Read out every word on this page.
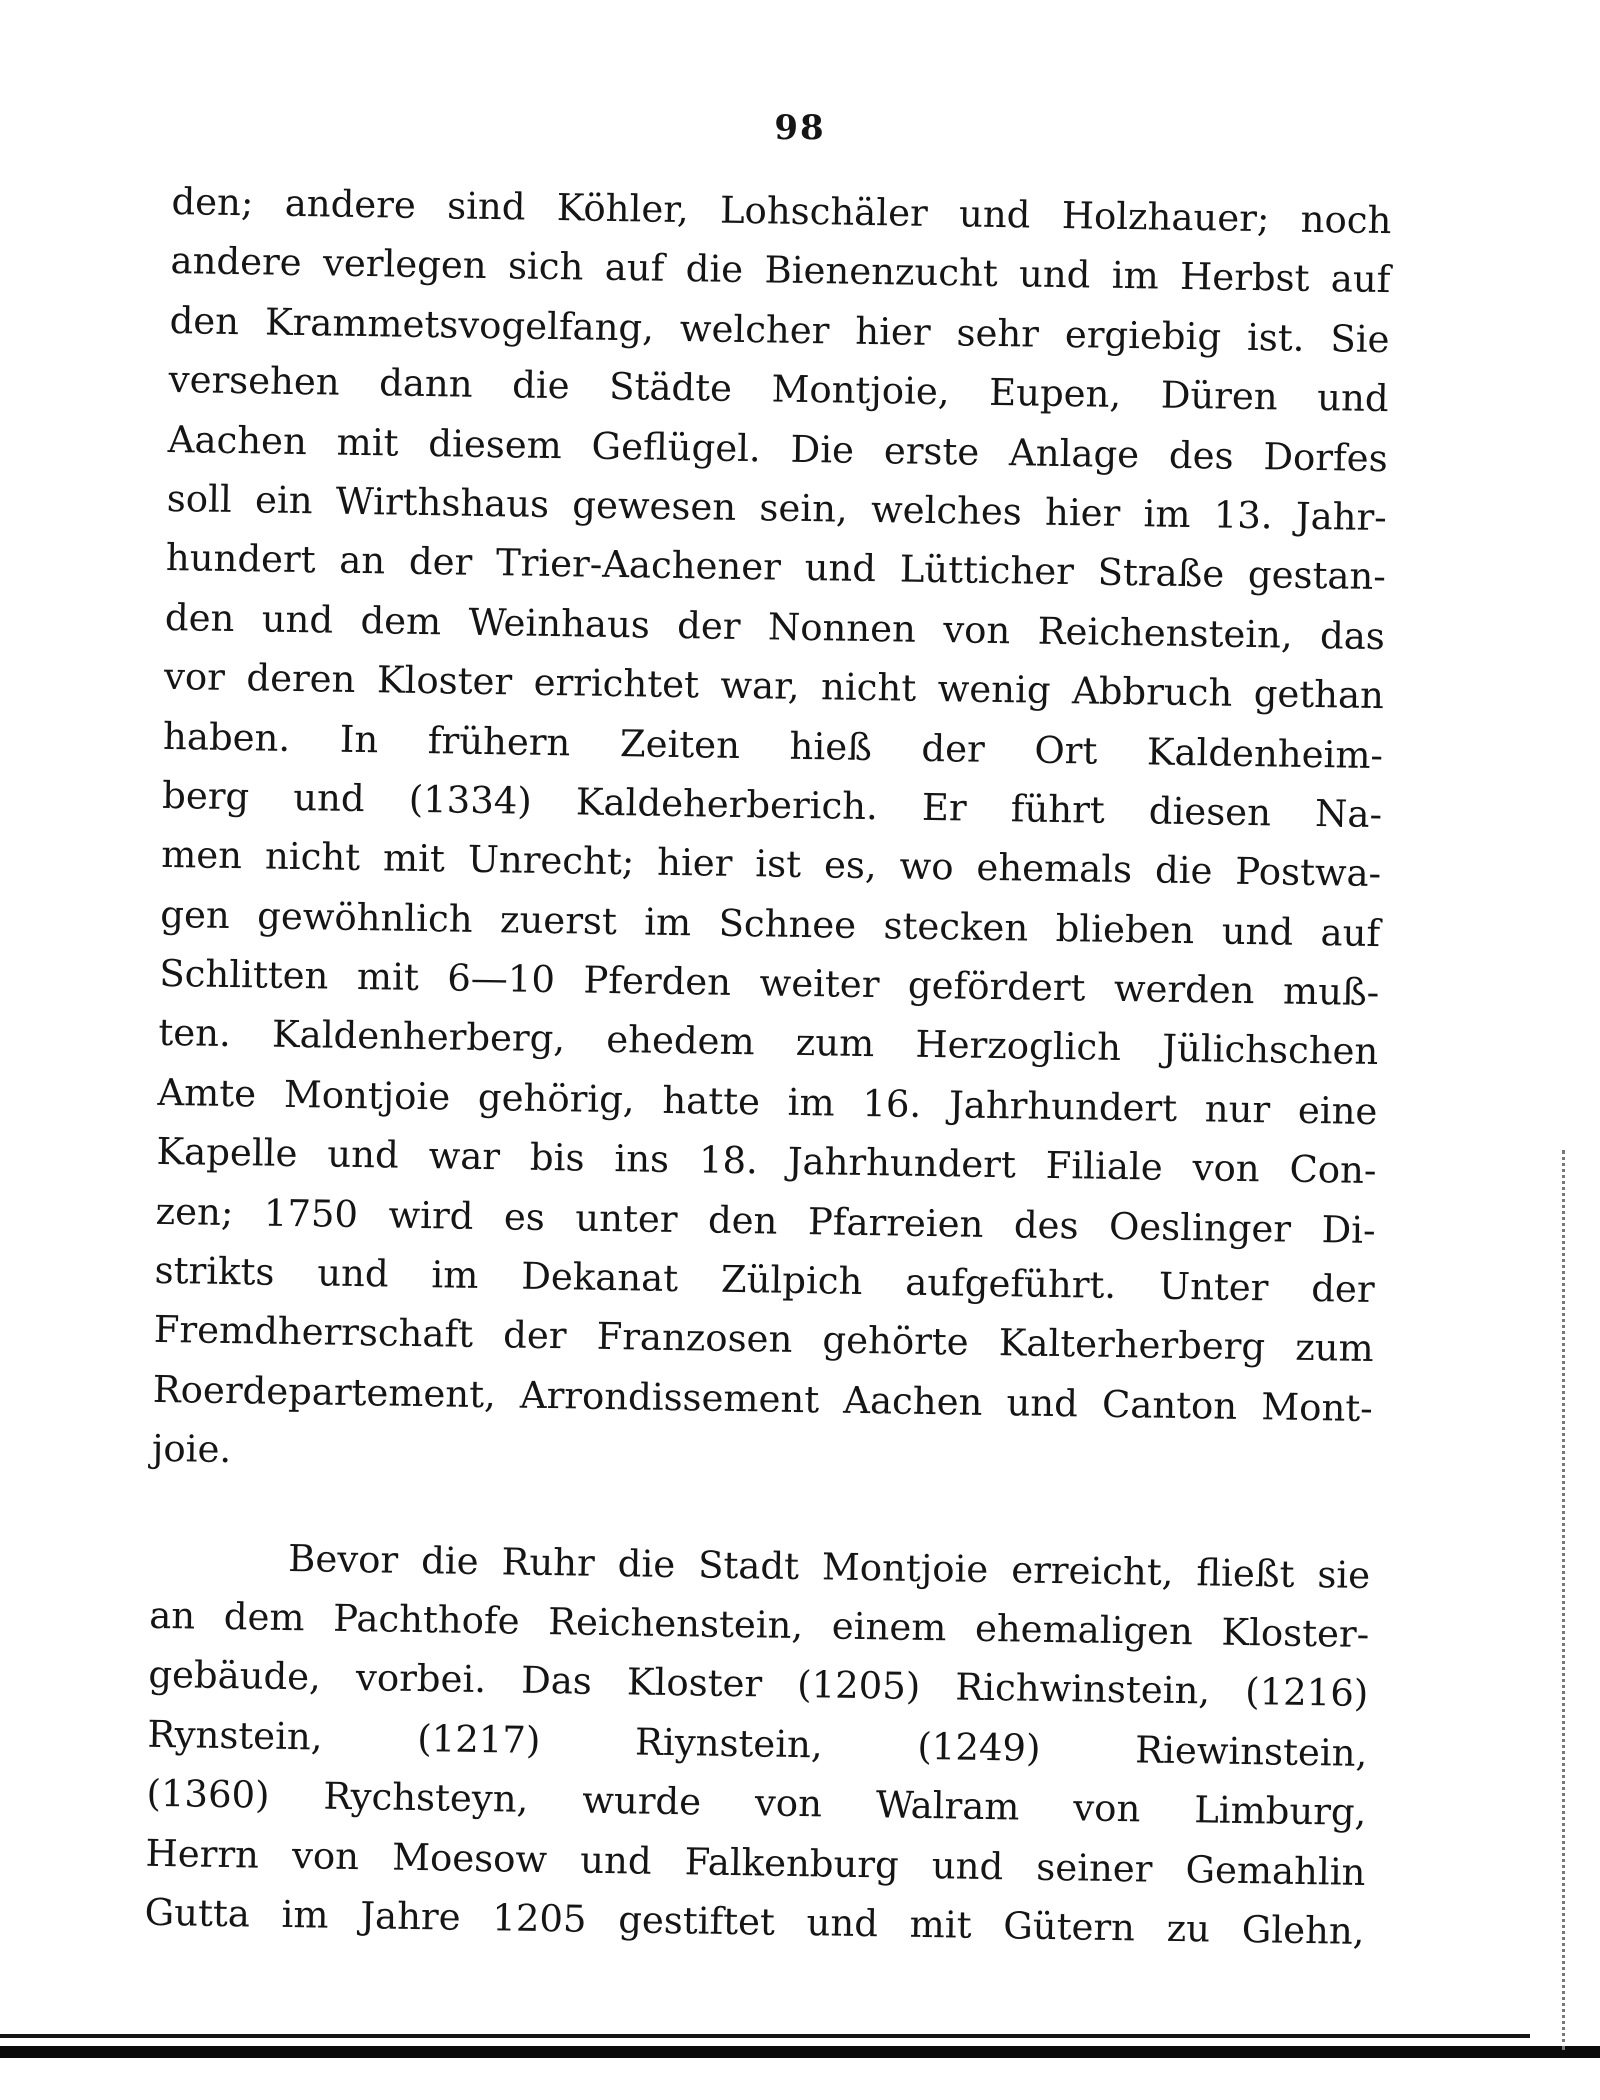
98
den; andere sind Köhler, Lohschäler und Holzhauer; noch
andere verlegen sich auf die Bienenzucht und im Herbst auf
den Krammetsvogelfang, welcher hier sehr ergiebig ist. Sie
versehen dann die Städte Montjoie, Eupen, Düren und
Aachen mit diesem Geflügel. Die erste Anlage des Dorfes
soll ein Wirthshaus gewesen sein, welches hier im 13. Jahr-
hundert an der Trier-Aachener und Lütticher Straße gestan-
den und dem Weinhaus der Nonnen von Reichenstein, das
vor deren Kloster errichtet war, nicht wenig Abbruch gethan
haben. In frühern Zeiten hieß der Ort Kaldenheim-
berg und (1334) Kaldeherberich. Er führt diesen Na-
men nicht mit Unrecht; hier ist es, wo ehemals die Postwa-
gen gewöhnlich zuerst im Schnee stecken blieben und auf
Schlitten mit 6—10 Pferden weiter gefördert werden muß-
ten. Kaldenherberg, ehedem zum Herzoglich Jülichschen
Amte Montjoie gehörig, hatte im 16. Jahrhundert nur eine
Kapelle und war bis ins 18. Jahrhundert Filiale von Con-
zen; 1750 wird es unter den Pfarreien des Oeslinger Di-
strikts und im Dekanat Zülpich aufgeführt. Unter der
Fremdherrschaft der Franzosen gehörte Kalterherberg zum
Roerdepartement, Arrondissement Aachen und Canton Mont-
joie.
Bevor die Ruhr die Stadt Montjoie erreicht, fließt sie
an dem Pachthofe Reichenstein, einem ehemaligen Kloster-
gebäude, vorbei. Das Kloster (1205) Richwinstein, (1216)
Rynstein, (1217) Riynstein, (1249) Riewinstein,
(1360) Rychsteyn, wurde von Walram von Limburg,
Herrn von Moesow und Falkenburg und seiner Gemahlin
Gutta im Jahre 1205 gestiftet und mit Gütern zu Glehn,
